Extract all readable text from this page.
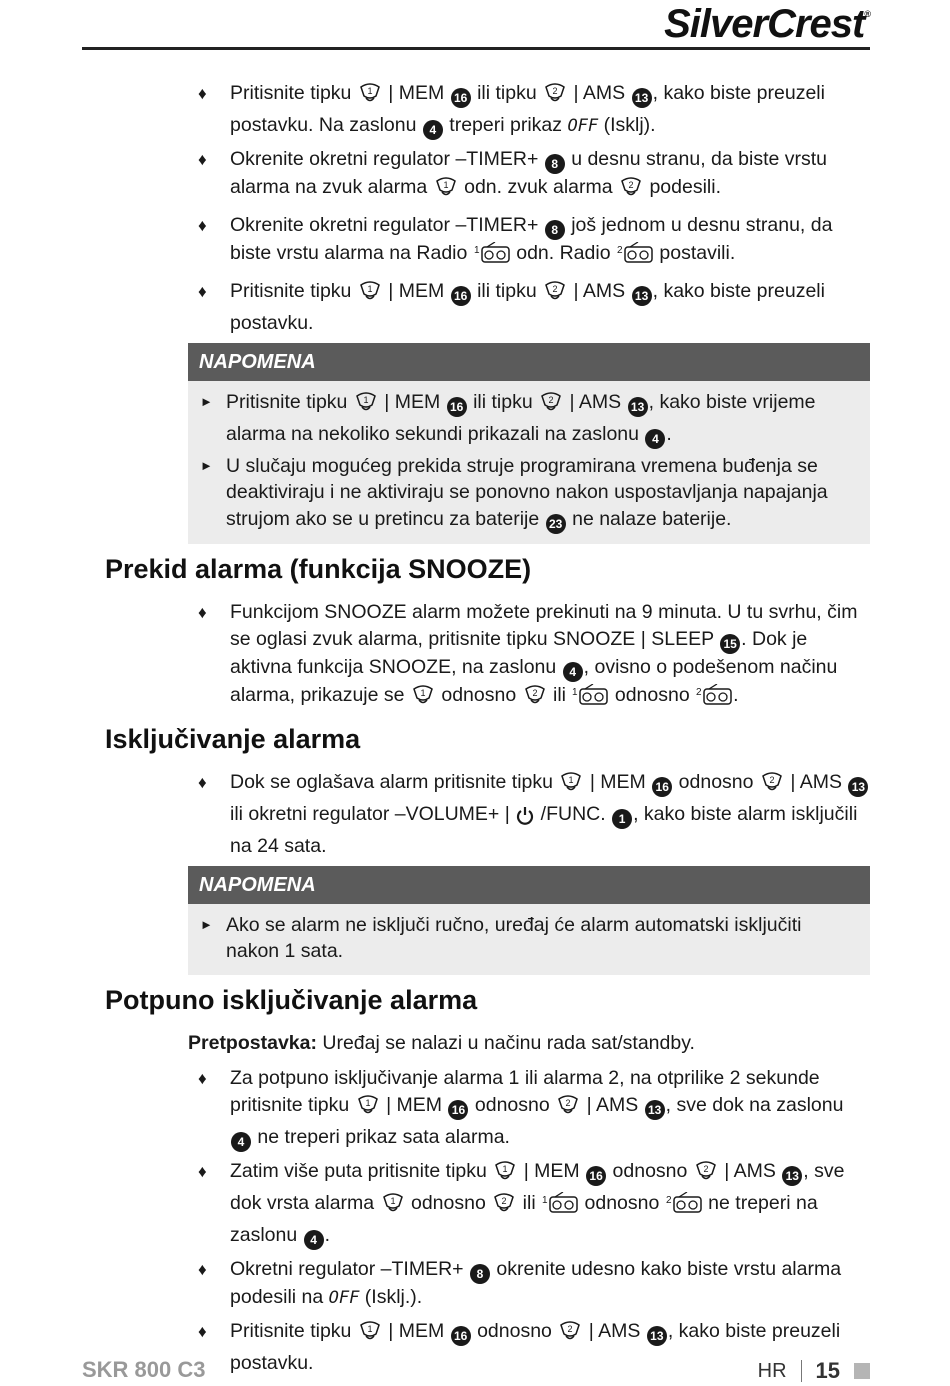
SilverCrest®
♦ Pritisnite tipku 1 | MEM 16 ili tipku 2 | AMS 13 , kako biste preuzeli postavku. Na zaslonu 4 treperi prikaz OFF (Isklj).
♦ Okrenite okretni regulator –TIMER+ 8 u desnu stranu, da biste vrstu alarma na zvuk alarma 1 odn. zvuk alarma 2 podesili.
♦ Okrenite okretni regulator –TIMER+ 8 još jednom u desnu stranu, da biste vrstu alarma na Radio 1 odn. Radio 2 postavili.
♦ Pritisnite tipku 1 | MEM 16 ili tipku 2 | AMS 13 , kako biste preuzeli postavku.
NAPOMENA
► Pritisnite tipku 1 | MEM 16 ili tipku 2 | AMS 13 , kako biste vrijeme alarma na nekoliko sekundi prikazali na zaslonu 4 .
► U slučaju mogućeg prekida struje programirana vremena buđenja se deaktiviraju i ne aktiviraju se ponovno nakon uspostavljanja napajanja strujom ako se u pretincu za baterije 23 ne nalaze baterije.
Prekid alarma (funkcija SNOOZE)
♦ Funkcijom SNOOZE alarm možete prekinuti na 9 minuta. U tu svrhu, čim se oglasi zvuk alarma, pritisnite tipku SNOOZE | SLEEP 15 . Dok je aktivna funkcija SNOOZE, na zaslonu 4 , ovisno o podešenom načinu alarma, prikazuje se 1 odnosno 2 ili 1 odnosno 2 .
Isključivanje alarma
♦ Dok se oglašava alarm pritisnite tipku 1 | MEM 16 odnosno 2 | AMS 13 ili okretni regulator –VOLUME+ | /FUNC. 1 , kako biste alarm isključili na 24 sata.
NAPOMENA
► Ako se alarm ne isključi ručno, uređaj će alarm automatski isključiti nakon 1 sata.
Potpuno isključivanje alarma
Pretpostavka: Uređaj se nalazi u načinu rada sat/standby.
♦ Za potpuno isključivanje alarma 1 ili alarma 2, na otprilike 2 sekunde pritisnite tipku 1 | MEM 16 odnosno 2 | AMS 13 , sve dok na zaslonu 4 ne treperi prikaz sata alarma.
♦ Zatim više puta pritisnite tipku 1 | MEM 16 odnosno 2 | AMS 13 , sve dok vrsta alarma 1 odnosno 2 ili 1 odnosno 2 ne treperi na zaslonu 4 .
♦ Okretni regulator –TIMER+ 8 okrenite udesno kako biste vrstu alarma podesili na OFF (Isklj.).
♦ Pritisnite tipku 1 | MEM 16 odnosno 2 | AMS 13 , kako biste preuzeli postavku.
SKR 800 C3	HR 15
